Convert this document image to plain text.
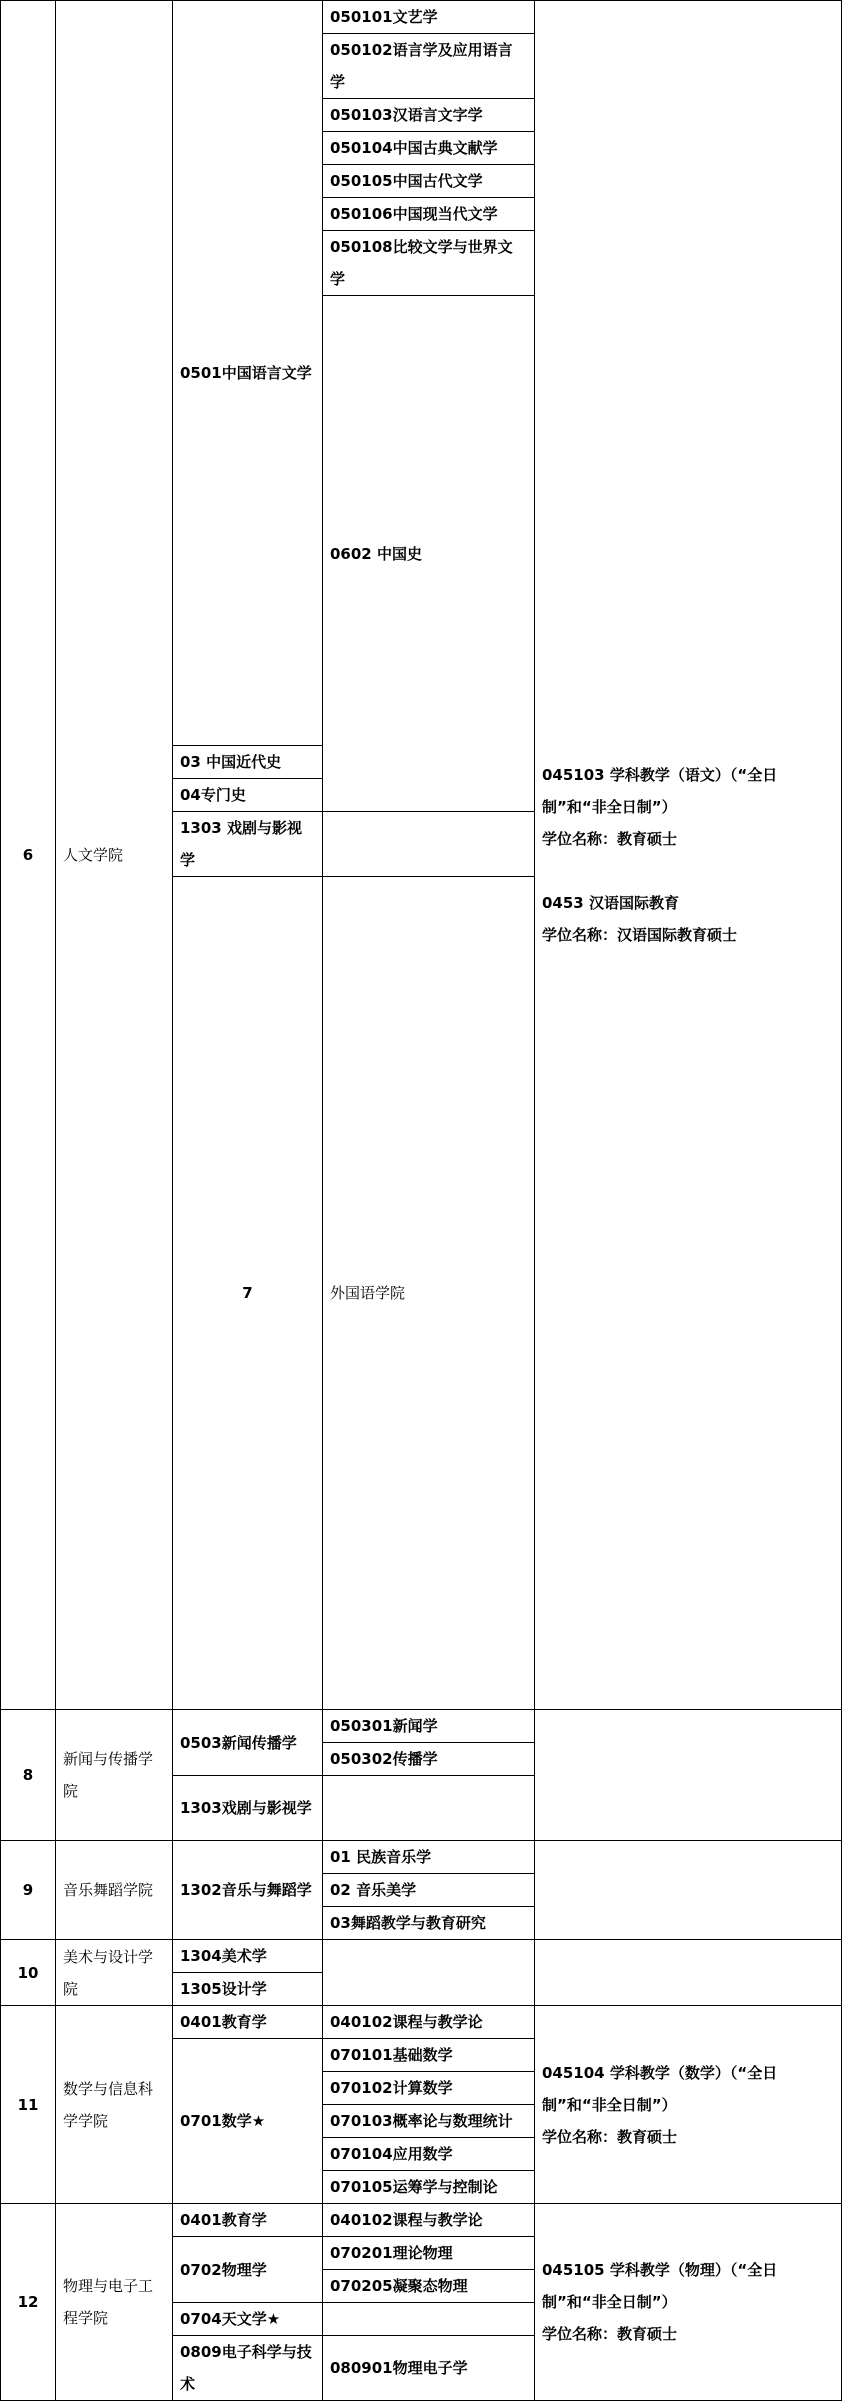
6	人文学院	0501中国语言文学	050101文艺学	045103 学科教学（语文）（“全日制”和“非全日制”）
学位名称：教育硕士
0453 汉语国际教育
学位名称：汉语国际教育硕士	

			050102语言学及应用语言学		
			050103汉语言文字学		
			050104中国古典文献学		
			050105中国古代文学		
			050106中国现当代文学		
			050108比较文学与世界文学		
			0602 中国史	

		03 中国近代史			
		04专门史			
		1303 戏剧与影视学			
		7	外国语学院			

8	新闻与传播学院	0503新闻传播学	050301新闻学		
			050302传播学		
		1303戏剧与影视学			
9	音乐舞蹈学院	1302音乐与舞蹈学	01 民族音乐学		
			02 音乐美学		
			03舞蹈教学与教育研究		
10	美术与设计学院	1304美术学			
		1305设计学			
11	数学与信息科学学院	0401教育学	040102课程与教学论	045104 学科教学（数学）（“全日制”和“非全日制”）
学位名称：教育硕士	

		0701数学★	070101基础数学		
			070102计算数学		
			070103概率论与数理统计		
			070104应用数学		
			070105运筹学与控制论		
12	物理与电子工程学院	0401教育学	040102课程与教学论	045105 学科教学（物理）（“全日制”和“非全日制”）
学位名称：教育硕士	

		0702物理学	070201理论物理		
			070205凝聚态物理		
		0704天文学★			
		0809电子科学与技术	080901物理电子学		
